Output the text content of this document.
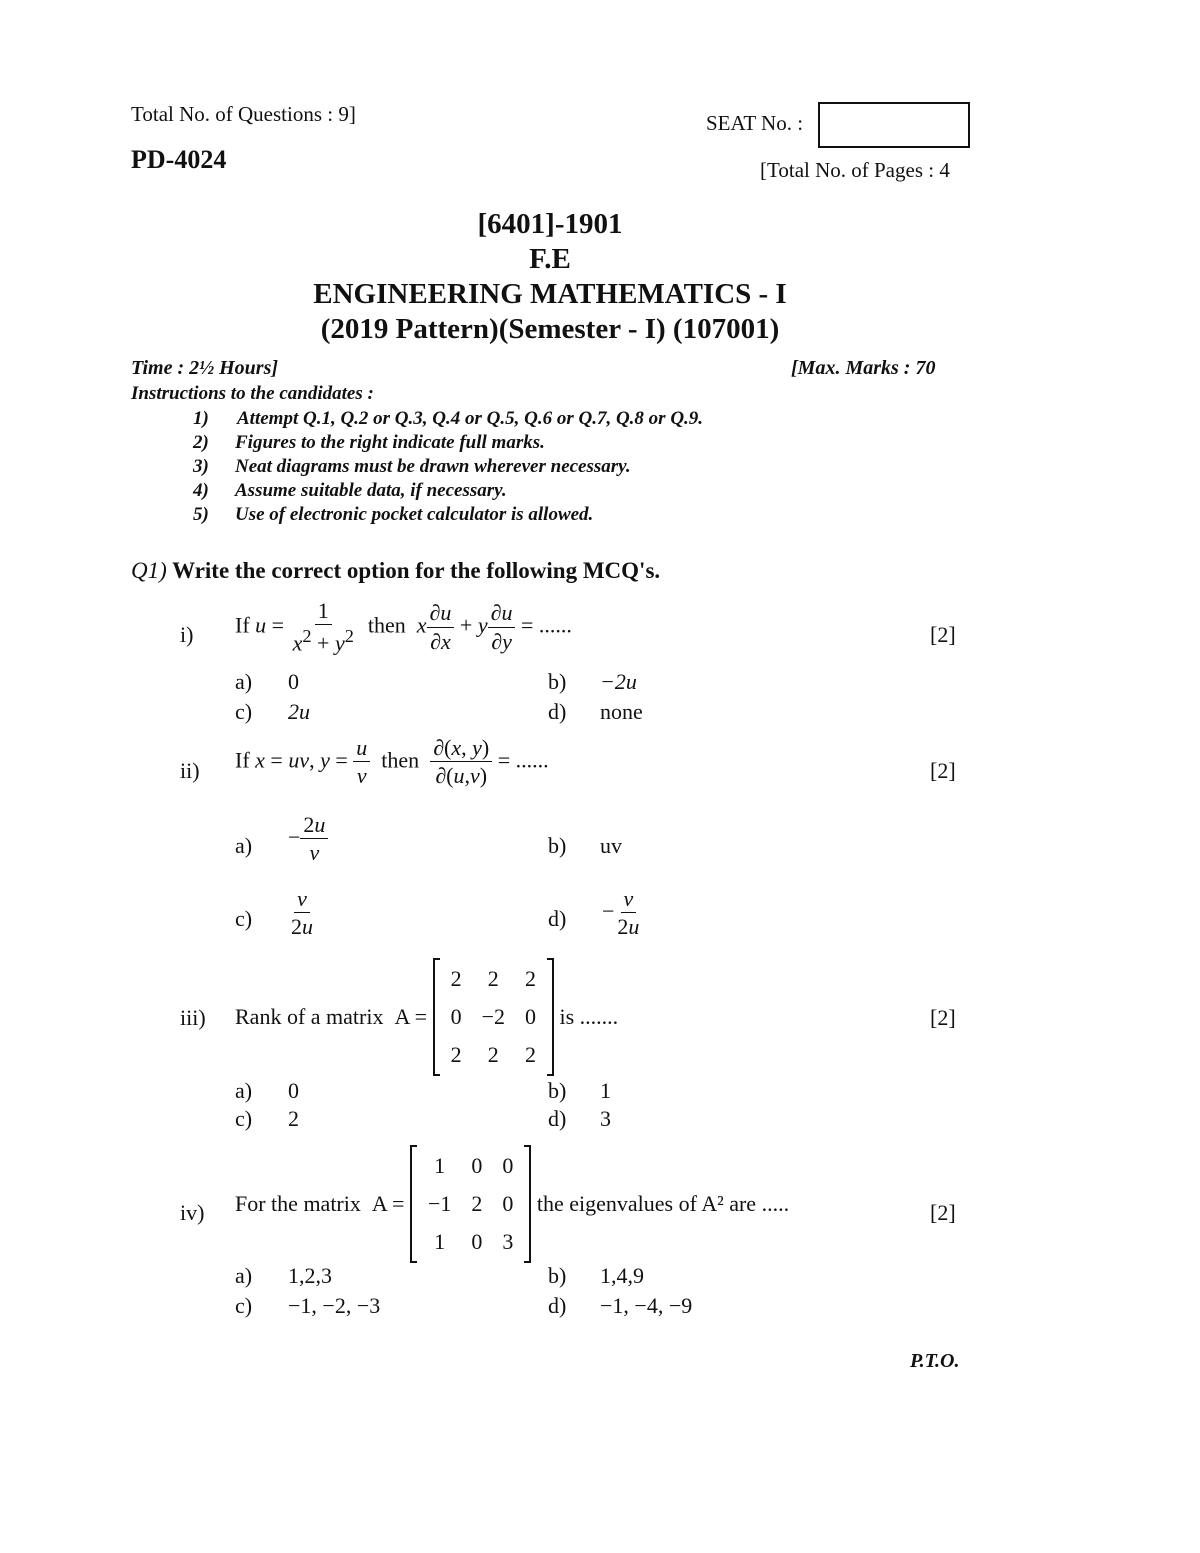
Total No. of Questions : 9]	SEAT No. :
PD-4024	[Total No. of Pages : 4
[6401]-1901
F.E
ENGINEERING MATHEMATICS - I
(2019 Pattern)(Semester - I) (107001)
Time : 2½ Hours]	[Max. Marks : 70
Instructions to the candidates :
1) Attempt Q.1, Q.2 or Q.3, Q.4 or Q.5, Q.6 or Q.7, Q.8 or Q.9.
2) Figures to the right indicate full marks.
3) Neat diagrams must be drawn wherever necessary.
4) Assume suitable data, if necessary.
5) Use of electronic pocket calculator is allowed.
Q1) Write the correct option for the following MCQ's.
i) If $u = \frac{1}{x^2 + y^2}$ then  x $\frac{\partial u}{\partial x} + y \frac{\partial u}{\partial y}$ = ......	[2]
a) 0	b) −2u
c) 2u	d) none
ii) If x = uv, $y = \frac{u}{v}$ then $\frac{\partial(x, y)}{\partial(u,v)}$ = ......	[2]
$a) - \frac{2u}{v}$	b) uv
$c) \frac{v}{2u}$	$d) - \frac{v}{2u}$
iii) Rank of a matrix  A =
2	2	2
0	−2	0
2	2	2
is .......	[2]
a) 0	b) 1
c) 2	d) 3
iv) For the matrix  A =
1	0	0
−1	2	0
1	0	3
the eigenvalues of A² are .....	[2]
a) 1,2,3	b) 1,4,9
c) −1, −2, −3	d) −1, −4, −9
P.T.O.
